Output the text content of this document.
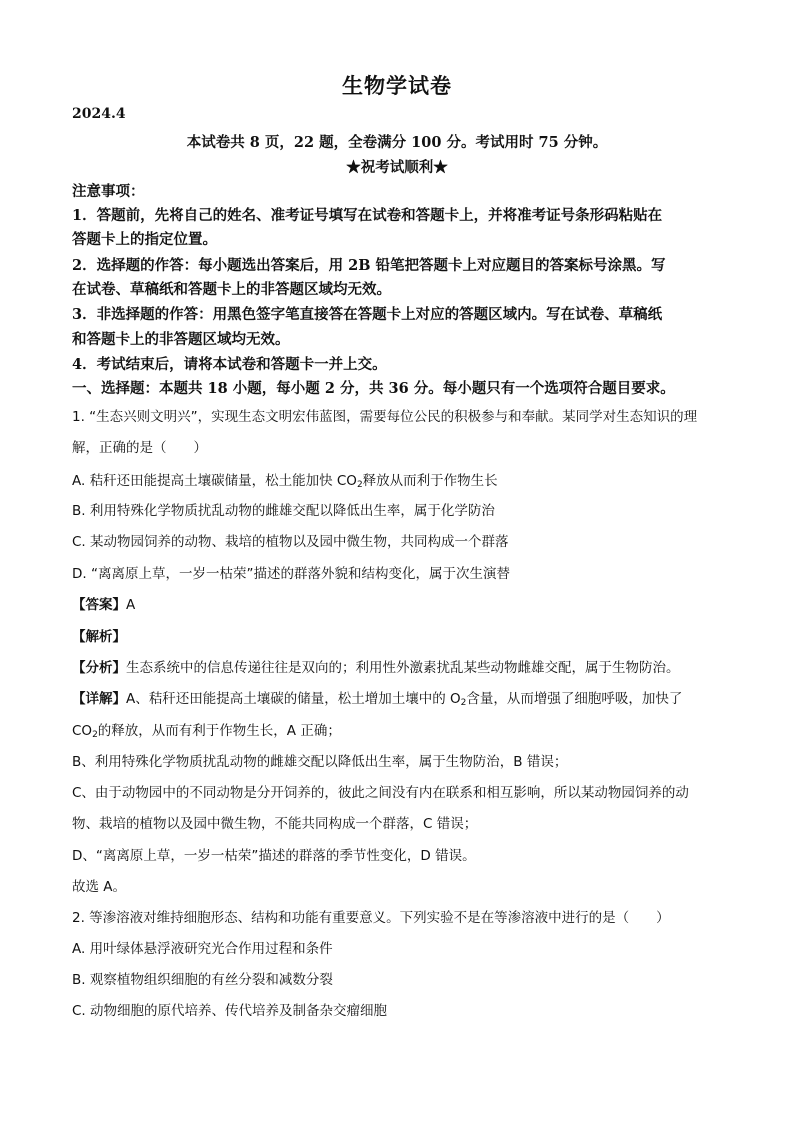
生物学试卷
2024.4
本试卷共 8 页，22 题，全卷满分 100 分。考试用时 75 分钟。
★祝考试顺利★
注意事项：
1．答题前，先将自己的姓名、准考证号填写在试卷和答题卡上，并将准考证号条形码粘贴在
答题卡上的指定位置。
2．选择题的作答：每小题选出答案后，用 2B 铅笔把答题卡上对应题目的答案标号涂黑。写
在试卷、草稿纸和答题卡上的非答题区域均无效。
3．非选择题的作答：用黑色签字笔直接答在答题卡上对应的答题区域内。写在试卷、草稿纸
和答题卡上的非答题区域均无效。
4．考试结束后，请将本试卷和答题卡一并上交。
一、选择题：本题共 18 小题，每小题 2 分，共 36 分。每小题只有一个选项符合题目要求。
1. “生态兴则文明兴”，实现生态文明宏伟蓝图，需要每位公民的积极参与和奉献。某同学对生态知识的理
解，正确的是（　　）
A. 秸秆还田能提高土壤碳储量，松土能加快 $CO_2$释放从而利于作物生长
B. 利用特殊化学物质扰乱动物的雌雄交配以降低出生率，属于化学防治
C. 某动物园饲养的动物、栽培的植物以及园中微生物，共同构成一个群落
D. “离离原上草，一岁一枯荣”描述的群落外貌和结构变化，属于次生演替
【答案】A
【解析】
【分析】生态系统中的信息传递往往是双向的；利用性外激素扰乱某些动物雌雄交配，属于生物防治。
【详解】A、秸秆还田能提高土壤碳的储量，松土增加土壤中的 $O_2$含量，从而增强了细胞呼吸，加快了
$CO_2$的释放，从而有利于作物生长，A 正确；
B、利用特殊化学物质扰乱动物的雌雄交配以降低出生率，属于生物防治，B 错误；
C、由于动物园中的不同动物是分开饲养的，彼此之间没有内在联系和相互影响，所以某动物园饲养的动
物、栽培的植物以及园中微生物，不能共同构成一个群落，C 错误；
D、“离离原上草，一岁一枯荣”描述的群落的季节性变化，D 错误。
故选 A。
2. 等渗溶液对维持细胞形态、结构和功能有重要意义。下列实验不是在等渗溶液中进行的是（　　）
A. 用叶绿体悬浮液研究光合作用过程和条件
B. 观察植物组织细胞的有丝分裂和减数分裂
C. 动物细胞的原代培养、传代培养及制备杂交瘤细胞
